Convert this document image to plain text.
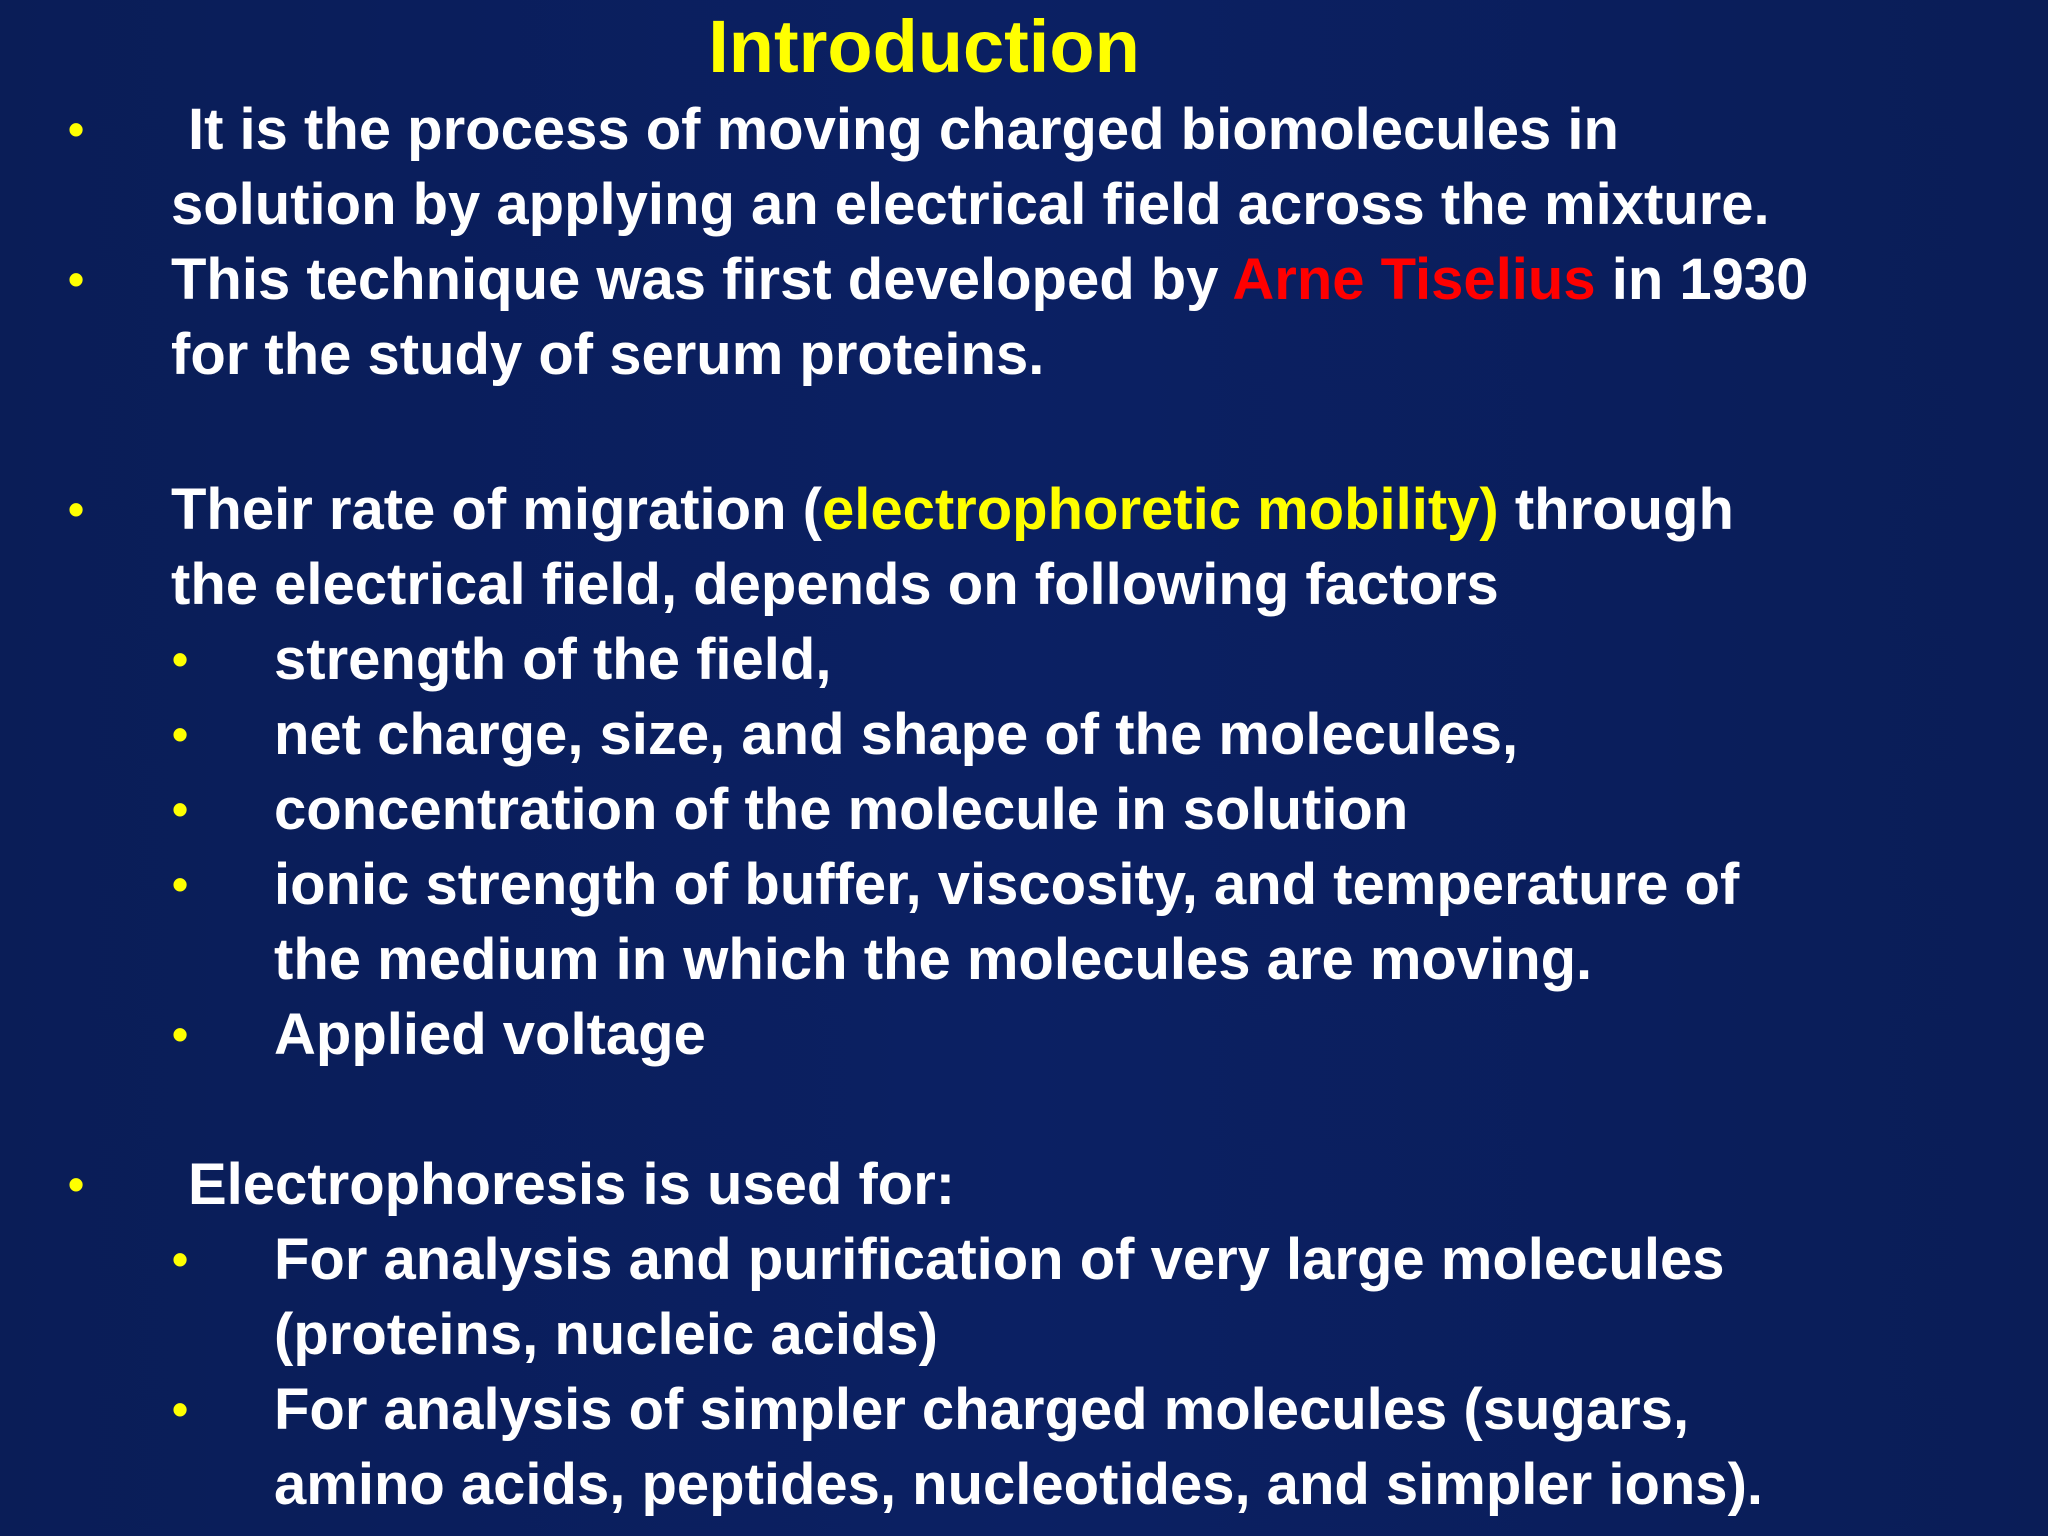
Introduction
• It is the process of moving charged biomolecules in
solution by applying an electrical field across the mixture.
• This technique was first developed by Arne Tiselius in 1930
for the study of serum proteins.
• Their rate of migration (electrophoretic mobility) through
the electrical field, depends on following factors
• strength of the field,
• net charge, size, and shape of the molecules,
• concentration of the molecule in solution
• ionic strength of buffer, viscosity, and temperature of
the medium in which the molecules are moving.
• Applied voltage
• Electrophoresis is used for:
• For analysis and purification of very large molecules
(proteins, nucleic acids)
• For analysis of simpler charged molecules (sugars,
amino acids, peptides, nucleotides, and simpler ions).
